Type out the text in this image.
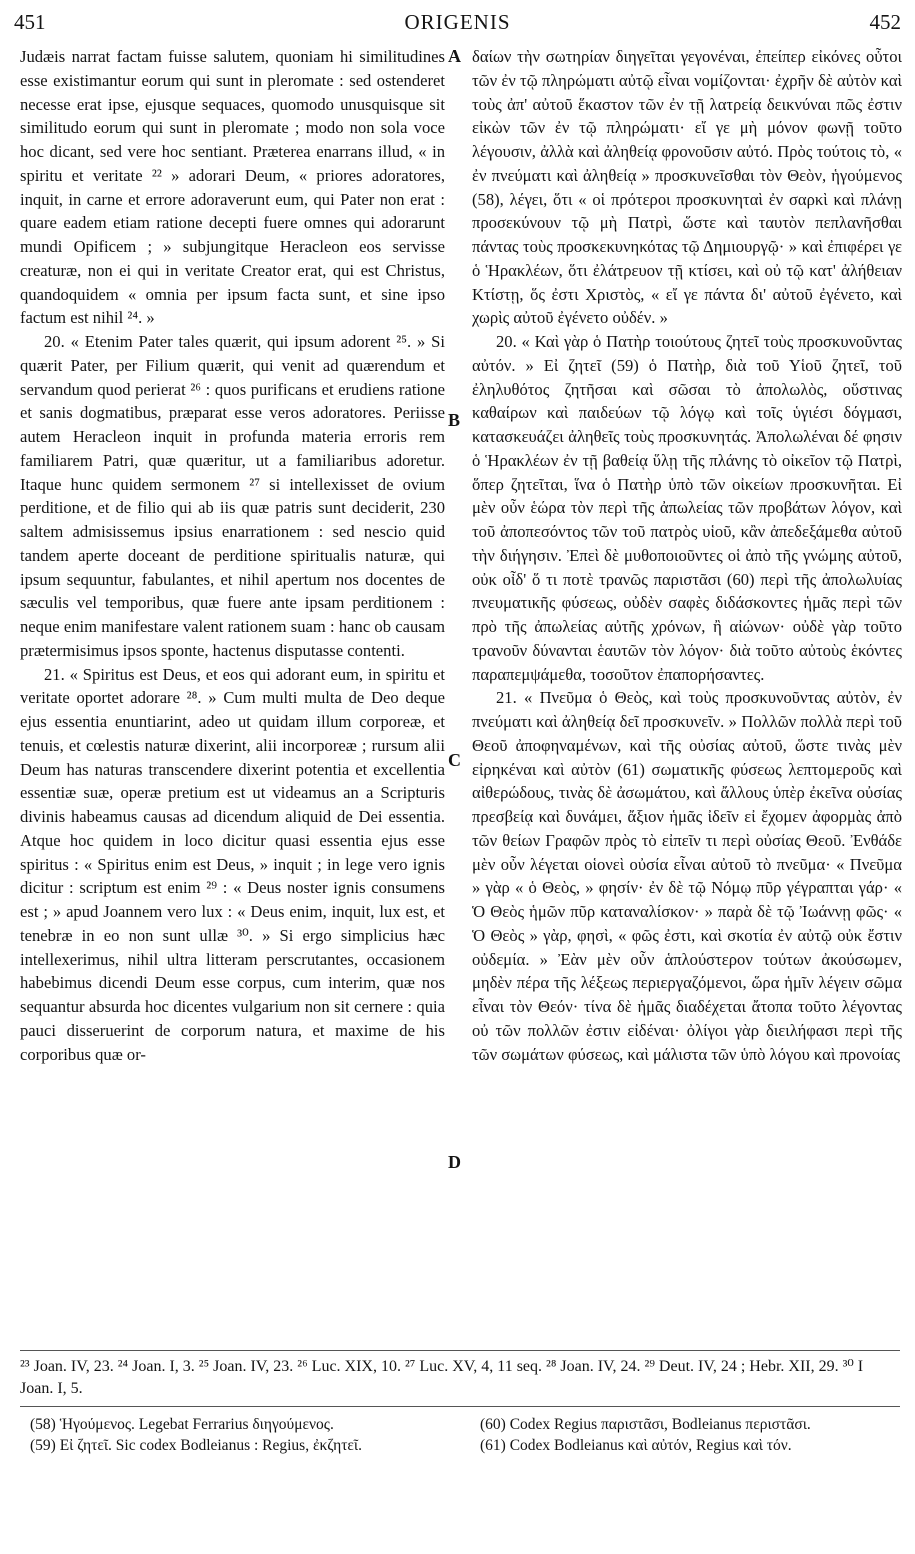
451	ORIGENIS	452

Judæis narrat factam fuisse salutem, quoniam hi similitudines esse existimantur eorum qui sunt in pleromate : sed ostenderet necesse erat ipse, ejusque sequaces, quomodo unusquisque sit similitudo eorum qui sunt in pleromate ; modo non sola voce hoc dicant, sed vere hoc sentiant. Præterea enarrans illud, « in spiritu et veritate ²² » adorari Deum, « priores adoratores, inquit, in carne et errore adoraverunt eum, qui Pater non erat : quare eadem etiam ratione decepti fuere omnes qui adorarunt mundi Opificem ; » subjungitque Heracleon eos servisse creaturæ, non ei qui in veritate Creator erat, qui est Christus, quandoquidem « omnia per ipsum facta sunt, et sine ipso factum est nihil ²⁴. »

20. « Etenim Pater tales quærit, qui ipsum adorent ²⁵. » Si quærit Pater, per Filium quærit, qui venit ad quærendum et servandum quod perierat ²⁶ : quos purificans et erudiens ratione et sanis dogmatibus, præparat esse veros adoratores. Periisse autem Heracleon inquit in profunda materia erroris rem familiarem Patri, quæ quæritur, ut a familiaribus adoretur. Itaque hunc quidem sermonem ²⁷ si intellexisset de ovium perditione, et de filio qui ab iis quæ patris sunt deciderit, 230 saltem admisissemus ipsius enarrationem : sed nescio quid tandem aperte doceant de perditione spiritualis naturæ, qui ipsum sequuntur, fabulantes, et nihil apertum nos docentes de sæculis vel temporibus, quæ fuere ante ipsam perditionem : neque enim manifestare valent rationem suam : hanc ob causam prætermisimus ipsos sponte, hactenus disputasse contenti.

21. « Spiritus est Deus, et eos qui adorant eum, in spiritu et veritate oportet adorare ²⁸. » Cum multi multa de Deo deque ejus essentia enuntiarint, adeo ut quidam illum corporeæ, et tenuis, et cœlestis naturæ dixerint, alii incorporeæ ; rursum alii Deum has naturas transcendere dixerint potentia et excellentia essentiæ suæ, operæ pretium est ut videamus an a Scripturis divinis habeamus causas ad dicendum aliquid de Dei essentia. Atque hoc quidem in loco dicitur quasi essentia ejus esse spiritus : « Spiritus enim est Deus, » inquit ; in lege vero ignis dicitur : scriptum est enim ²⁹ : « Deus noster ignis consumens est ; » apud Joannem vero lux : « Deus enim, inquit, lux est, et tenebræ in eo non sunt ullæ ³⁰. » Si ergo simplicius hæc intellexerimus, nihil ultra litteram perscrutantes, occasionem habebimus dicendi Deum esse corpus, cum interim, quæ nos sequantur absurda hoc dicentes vulgarium non sit cernere : quia pauci disseruerint de corporum natura, et maxime de his corporibus quæ or-

A
B
C
D

δαίων τὴν σωτηρίαν διηγεῖται γεγονέναι, ἐπείπερ εἰκόνες οὗτοι τῶν ἐν τῷ πληρώματι αὐτῷ εἶναι νομίζονται· ἐχρῆν δὲ αὐτὸν καὶ τοὺς ἀπ' αὐτοῦ ἕκαστον τῶν ἐν τῇ λατρείᾳ δεικνύναι πῶς ἐστιν εἰκὼν τῶν ἐν τῷ πληρώματι· εἴ γε μὴ μόνον φωνῇ τοῦτο λέγουσιν, ἀλλὰ καὶ ἀληθείᾳ φρονοῦσιν αὐτό. Πρὸς τούτοις τὸ, « ἐν πνεύματι καὶ ἀληθείᾳ » προσκυνεῖσθαι τὸν Θεὸν, ἡγούμενος (58), λέγει, ὅτι « οἱ πρότεροι προσκυνηταὶ ἐν σαρκὶ καὶ πλάνῃ προσεκύνουν τῷ μὴ Πατρὶ, ὥστε καὶ ταυτὸν πεπλανῆσθαι πάντας τοὺς προσκεκυνηκότας τῷ Δημιουργῷ· » καὶ ἐπιφέρει γε ὁ Ἡρακλέων, ὅτι ἐλάτρευον τῇ κτίσει, καὶ οὐ τῷ κατ' ἀλήθειαν Κτίστῃ, ὅς ἐστι Χριστὸς, « εἴ γε πάντα δι' αὐτοῦ ἐγένετο, καὶ χωρὶς αὐτοῦ ἐγένετο οὐδέν. »

20. « Καὶ γὰρ ὁ Πατὴρ τοιούτους ζητεῖ τοὺς προσκυνοῦντας αὐτόν. » Εἰ ζητεῖ (59) ὁ Πατὴρ, διὰ τοῦ Υἱοῦ ζητεῖ, τοῦ ἐληλυθότος ζητῆσαι καὶ σῶσαι τὸ ἀπολωλὸς, οὕστινας καθαίρων καὶ παιδεύων τῷ λόγῳ καὶ τοῖς ὑγιέσι δόγμασι, κατασκευάζει ἀληθεῖς τοὺς προσκυνητάς. Ἀπολωλέναι δέ φησιν ὁ Ἡρακλέων ἐν τῇ βαθείᾳ ὕλῃ τῆς πλάνης τὸ οἰκεῖον τῷ Πατρὶ, ὅπερ ζητεῖται, ἵνα ὁ Πατὴρ ὑπὸ τῶν οἰκείων προσκυνῆται. Εἰ μὲν οὖν ἑώρα τὸν περὶ τῆς ἀπωλείας τῶν προβάτων λόγον, καὶ τοῦ ἀποπεσόντος τῶν τοῦ πατρὸς υἱοῦ, κἂν ἀπεδεξάμεθα αὐτοῦ τὴν διήγησιν. Ἐπεὶ δὲ μυθοποιοῦντες οἱ ἀπὸ τῆς γνώμης αὐτοῦ, οὐκ οἶδ' ὅ τι ποτὲ τρανῶς παριστᾶσι (60) περὶ τῆς ἀπολωλυίας πνευματικῆς φύσεως, οὐδὲν σαφὲς διδάσκοντες ἡμᾶς περὶ τῶν πρὸ τῆς ἀπωλείας αὐτῆς χρόνων, ἢ αἰώνων· οὐδὲ γὰρ τοῦτο τρανοῦν δύνανται ἑαυτῶν τὸν λόγον· διὰ τοῦτο αὐτοὺς ἑκόντες παραπεμψάμεθα, τοσοῦτον ἐπαπορήσαντες.

21. « Πνεῦμα ὁ Θεὸς, καὶ τοὺς προσκυνοῦντας αὐτὸν, ἐν πνεύματι καὶ ἀληθείᾳ δεῖ προσκυνεῖν. » Πολλῶν πολλὰ περὶ τοῦ Θεοῦ ἀποφηναμένων, καὶ τῆς οὐσίας αὐτοῦ, ὥστε τινὰς μὲν εἰρηκέναι καὶ αὐτὸν (61) σωματικῆς φύσεως λεπτομεροῦς καὶ αἰθερώδους, τινὰς δὲ ἀσωμάτου, καὶ ἄλλους ὑπὲρ ἐκεῖνα οὐσίας πρεσβείᾳ καὶ δυνάμει, ἄξιον ἡμᾶς ἰδεῖν εἰ ἔχομεν ἀφορμὰς ἀπὸ τῶν θείων Γραφῶν πρὸς τὸ εἰπεῖν τι περὶ οὐσίας Θεοῦ. Ἐνθάδε μὲν οὖν λέγεται οἱονεὶ οὐσία εἶναι αὐτοῦ τὸ πνεῦμα· « Πνεῦμα » γὰρ « ὁ Θεὸς, » φησίν· ἐν δὲ τῷ Νόμῳ πῦρ γέγραπται γάρ· « Ὁ Θεὸς ἡμῶν πῦρ καταναλίσκον· » παρὰ δὲ τῷ Ἰωάννῃ φῶς· « Ὁ Θεὸς » γὰρ, φησὶ, « φῶς ἐστι, καὶ σκοτία ἐν αὐτῷ οὐκ ἔστιν οὐδεμία. » Ἐὰν μὲν οὖν ἁπλούστερον τούτων ἀκούσωμεν, μηδὲν πέρα τῆς λέξεως περιεργαζόμενοι, ὥρα ἡμῖν λέγειν σῶμα εἶναι τὸν Θεόν· τίνα δὲ ἡμᾶς διαδέχεται ἄτοπα τοῦτο λέγοντας οὐ τῶν πολλῶν ἐστιν εἰδέναι· ὀλίγοι γὰρ διειλήφασι περὶ τῆς τῶν σωμάτων φύσεως, καὶ μάλιστα τῶν ὑπὸ λόγου καὶ προνοίας

²³ Joan. IV, 23. ²⁴ Joan. I, 3. ²⁵ Joan. IV, 23. ²⁶ Luc. XIX, 10. ²⁷ Luc. XV, 4, 11 seq. ²⁸ Joan. IV, 24. ²⁹ Deut. IV, 24 ; Hebr. XII, 29. ³⁰ I Joan. I, 5.
(58) Ἡγούμενος. Legebat Ferrarius διηγούμενος.
(59) Εἰ ζητεῖ. Sic codex Bodleianus : Regius, ἐκζητεῖ.
(60) Codex Regius παριστᾶσι, Bodleianus περιστᾶσι.
(61) Codex Bodleianus καὶ αὐτόν, Regius καὶ τόν.
